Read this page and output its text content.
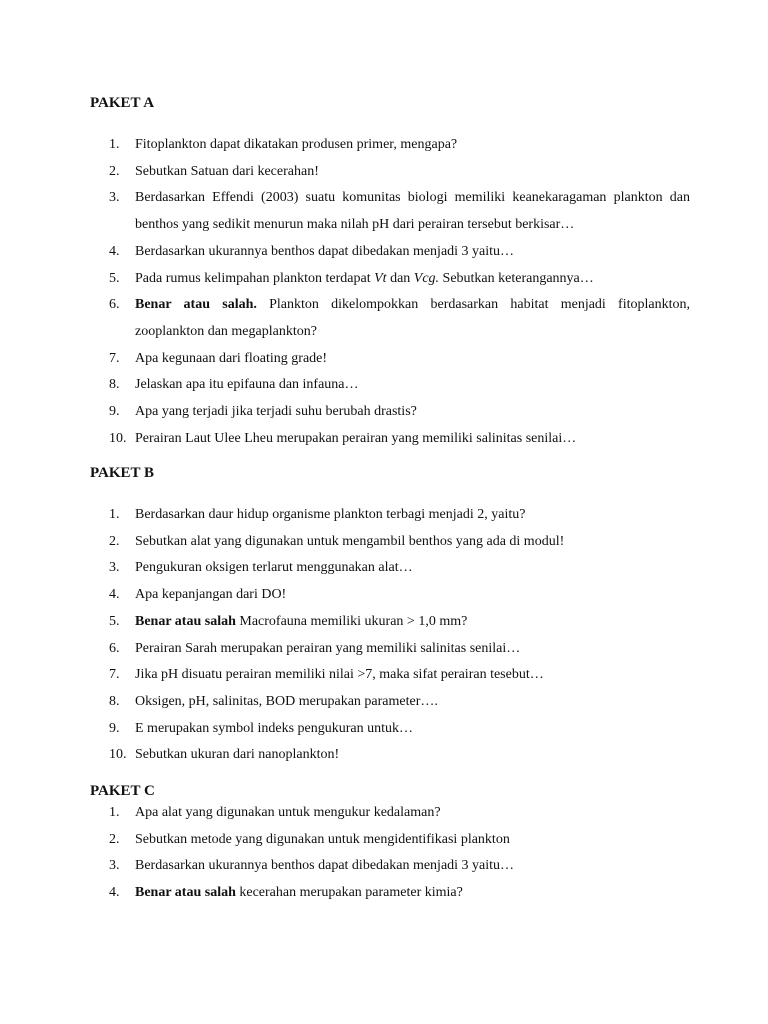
PAKET A
1. Fitoplankton dapat dikatakan produsen primer, mengapa?
2. Sebutkan Satuan dari kecerahan!
3. Berdasarkan Effendi (2003) suatu komunitas biologi memiliki keanekaragaman plankton dan benthos yang sedikit menurun maka nilah pH dari perairan tersebut berkisar…
4. Berdasarkan ukurannya benthos dapat dibedakan menjadi 3 yaitu…
5. Pada rumus kelimpahan plankton terdapat Vt dan Vcg. Sebutkan keterangannya…
6. Benar atau salah. Plankton dikelompokkan berdasarkan habitat menjadi fitoplankton, zooplankton dan megaplankton?
7. Apa kegunaan dari floating grade!
8. Jelaskan apa itu epifauna dan infauna…
9. Apa yang terjadi jika terjadi suhu berubah drastis?
10. Perairan Laut Ulee Lheu merupakan perairan yang memiliki salinitas senilai…
PAKET B
1. Berdasarkan daur hidup organisme plankton terbagi menjadi 2, yaitu?
2. Sebutkan alat yang digunakan untuk mengambil benthos yang ada di modul!
3. Pengukuran oksigen terlarut menggunakan alat…
4. Apa kepanjangan dari DO!
5. Benar atau salah Macrofauna memiliki ukuran > 1,0 mm?
6. Perairan Sarah merupakan perairan yang memiliki salinitas senilai…
7. Jika pH disuatu perairan memiliki nilai >7, maka sifat perairan tesebut…
8. Oksigen, pH, salinitas, BOD merupakan parameter….
9. E merupakan symbol indeks pengukuran untuk…
10. Sebutkan ukuran dari nanoplankton!
PAKET C
1. Apa alat yang digunakan untuk mengukur kedalaman?
2. Sebutkan metode yang digunakan untuk mengidentifikasi plankton
3. Berdasarkan ukurannya benthos dapat dibedakan menjadi 3 yaitu…
4. Benar atau salah kecerahan merupakan parameter kimia?
